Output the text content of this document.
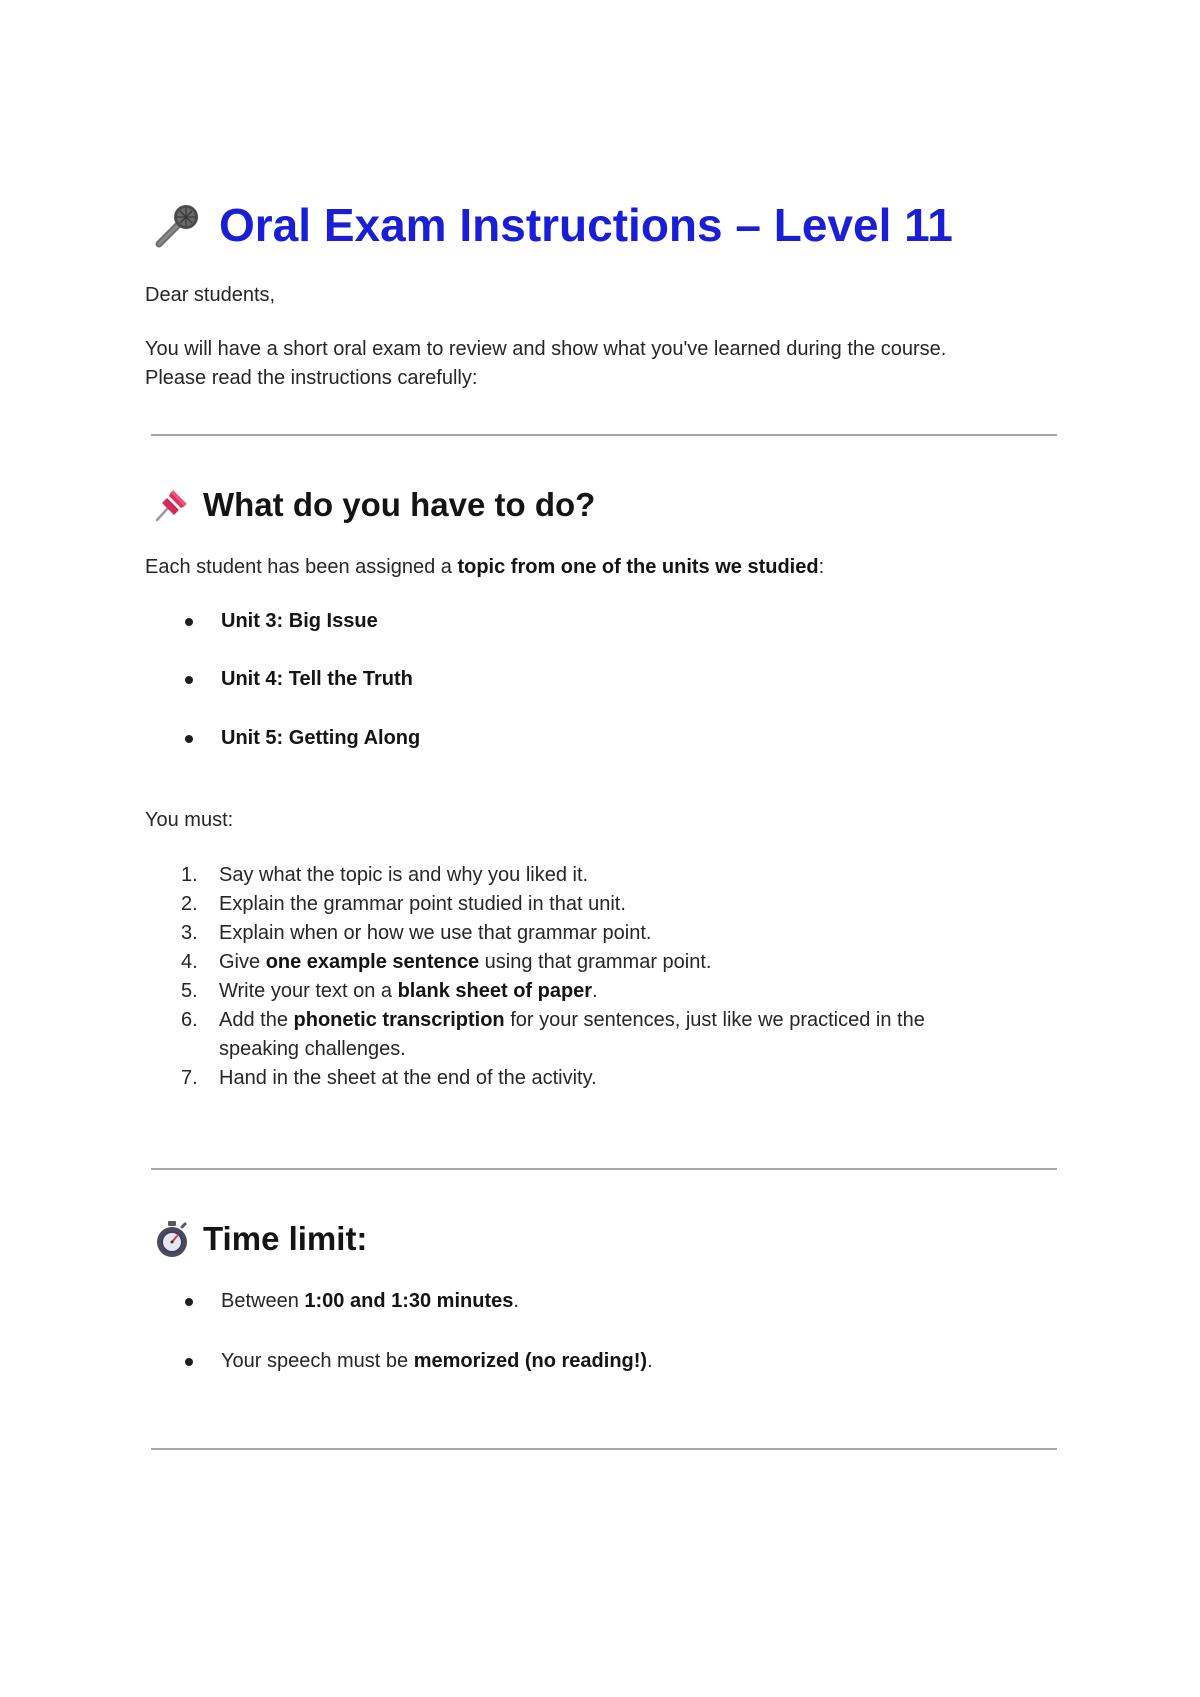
Oral Exam Instructions – Level 11
Dear students,
You will have a short oral exam to review and show what you've learned during the course.
Please read the instructions carefully:
What do you have to do?
Each student has been assigned a topic from one of the units we studied:
Unit 3: Big Issue
Unit 4: Tell the Truth
Unit 5: Getting Along
You must:
1.	Say what the topic is and why you liked it.
2.	Explain the grammar point studied in that unit.
3.	Explain when or how we use that grammar point.
4.	Give one example sentence using that grammar point.
5.	Write your text on a blank sheet of paper.
6.	Add the phonetic transcription for your sentences, just like we practiced in the speaking challenges.
7.	Hand in the sheet at the end of the activity.
Time limit:
Between 1:00 and 1:30 minutes.
Your speech must be memorized (no reading!).
